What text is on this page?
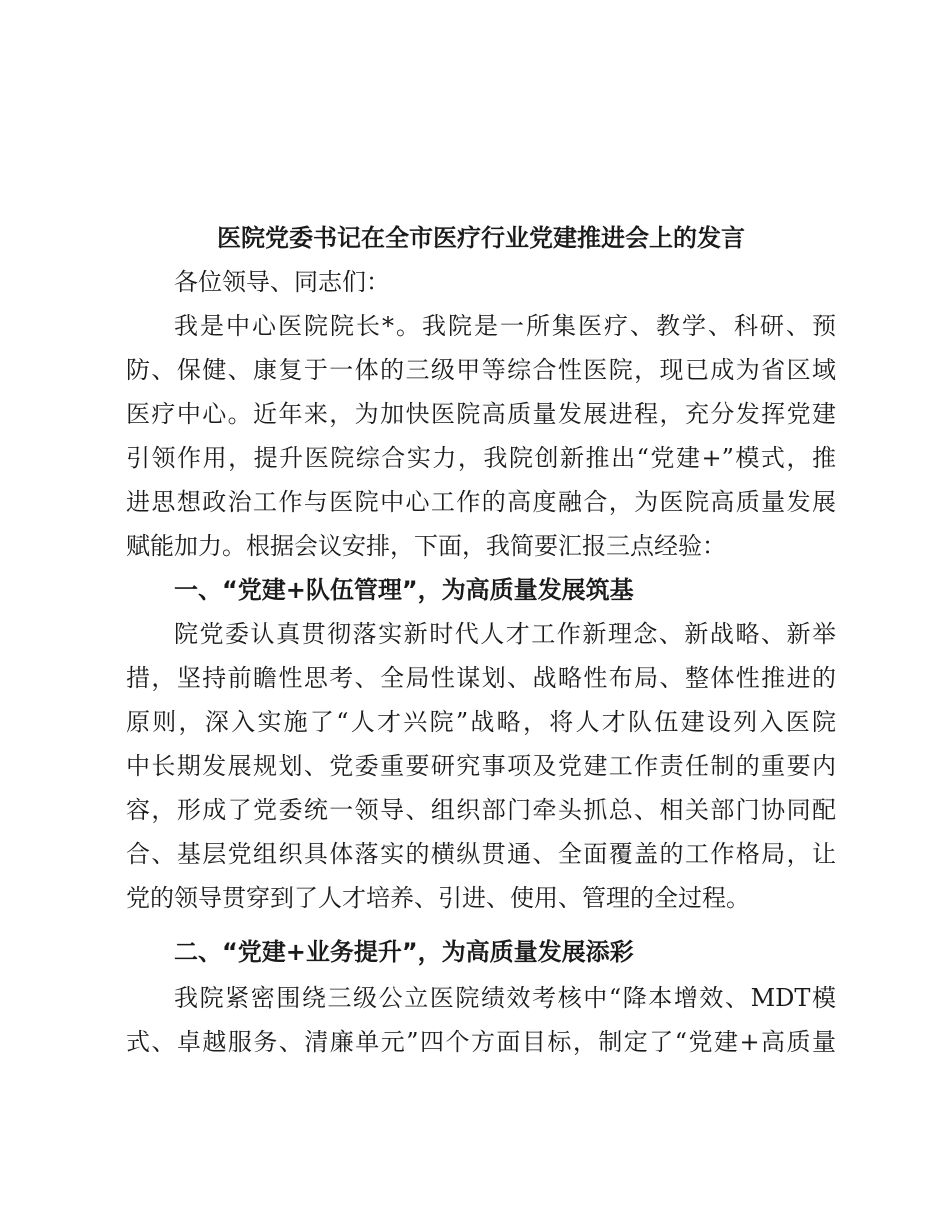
医院党委书记在全市医疗行业党建推进会上的发言

各位领导、同志们：

我是中心医院院长*。我院是一所集医疗、教学、科研、预

防、保健、康复于一体的三级甲等综合性医院，现已成为省区域

医疗中心。近年来，为加快医院高质量发展进程，充分发挥党建

引领作用，提升医院综合实力，我院创新推出“党建+”模式，推

进思想政治工作与医院中心工作的高度融合，为医院高质量发展

赋能加力。根据会议安排，下面，我简要汇报三点经验：

一、“党建+队伍管理”，为高质量发展筑基

院党委认真贯彻落实新时代人才工作新理念、新战略、新举

措，坚持前瞻性思考、全局性谋划、战略性布局、整体性推进的

原则，深入实施了“人才兴院”战略，将人才队伍建设列入医院

中长期发展规划、党委重要研究事项及党建工作责任制的重要内

容，形成了党委统一领导、组织部门牵头抓总、相关部门协同配

合、基层党组织具体落实的横纵贯通、全面覆盖的工作格局，让

党的领导贯穿到了人才培养、引进、使用、管理的全过程。

二、“党建+业务提升”，为高质量发展添彩

我院紧密围绕三级公立医院绩效考核中“降本增效、MDT模

式、卓越服务、清廉单元”四个方面目标，制定了“党建+高质量
